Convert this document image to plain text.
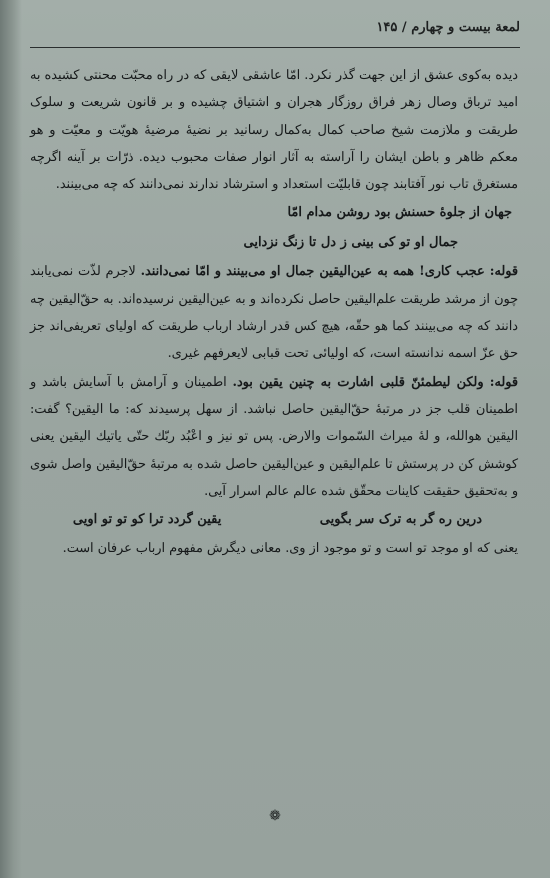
لمعة بيست و چهارم / ۱۴۵

دیده به‌کوی عشق از این جهت گذر نکرد. امّا عاشقی لایقی که در راه محبّت محنتی کشیده به امید ترباق وصال زهر فراق روزگار هجران و اشتیاق چشیده و بر قانون شریعت و سلوک طریقت و ملازمت شیخ صاحب کمال به‌کمال رسانید بر نضیهٔ مرضیهٔ هویّت و معیّت و هو معکم ظاهر و باطن ایشان را آراسته به آثار انوار صفات محبوب دیده. ذرّات بر آینه اگرچه مستغرق تاب نور آفتابند چون قابلیّت استعداد و استرشاد ندارند نمی‌دانند که چه می‌بینند.

جهان از جلوهٔ حسنش بود روشن مدام امّا
جمال او تو کی بینی ز دل تا زنگ نزدایی

قوله: عجب کاری! همه به عین‌الیقین جمال او می‌بینند و امّا نمی‌دانند. لاجرم لذّت نمی‌یابند چون از مرشد طریقت علم‌الیقین حاصل نکرده‌اند و به عین‌الیقین نرسیده‌اند. به حقّ‌الیقین چه دانند که چه می‌بینند کما هو حقّه، هیچ کس قدر ارشاد ارباب طریقت که اولیای تعریفی‌اند جز حق عزّ اسمه ندانسته است، که اولیائی تحت قبابی لایعرفهم غیری.

قوله: ولکن لیطمئنّ قلبی اشارت به چنین یقین بود. اطمینان و آرامش با آسایش باشد و اطمینان قلب جز در مرتبهٔ حقّ‌الیقین حاصل نباشد. از سهل پرسیدند که: ما الیقین؟ گفت: الیقین هوالله، و لهٔ میراث السّموات والارض. پس تو نیز و اعْبُد ربّك حتّی یاتیك الیقین یعنی کوشش کن در پرستش تا علم‌الیقین و عین‌الیقین حاصل شده به مرتبهٔ حقّ‌الیقین واصل شوی و به‌تحقیق حقیقت کاینات محقّق شده عالم عالم اسرار آیی.

درین ره گر به ترک سر بگویی
یقین گردد ترا کو تو تو اویی

یعنی که او موجد تو است و تو موجود از وی. معانی دیگرش مفهوم ارباب عرفان است.

❁
